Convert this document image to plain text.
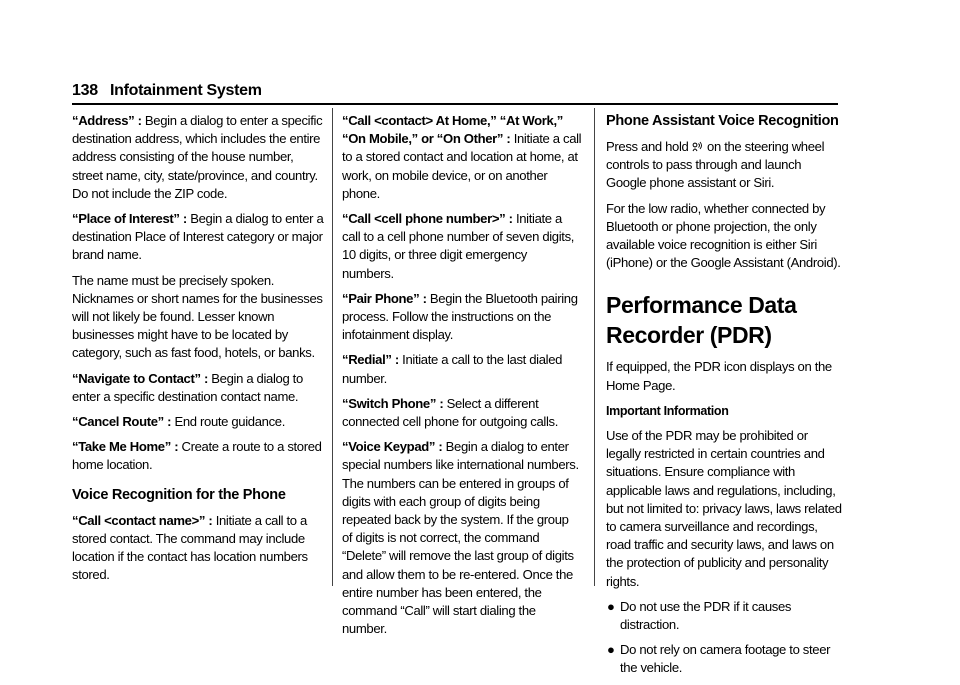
138 Infotainment System

“Address” : Begin a dialog to enter a specific destination address, which includes the entire address consisting of the house number, street name, city, state/province, and country. Do not include the ZIP code.

“Place of Interest” : Begin a dialog to enter a destination Place of Interest category or major brand name.

The name must be precisely spoken. Nicknames or short names for the businesses will not likely be found. Lesser known businesses might have to be located by category, such as fast food, hotels, or banks.

“Navigate to Contact” : Begin a dialog to enter a specific destination contact name.

“Cancel Route” : End route guidance.

“Take Me Home” : Create a route to a stored home location.

Voice Recognition for the Phone

“Call <contact name>” : Initiate a call to a stored contact. The command may include location if the contact has location numbers stored.

“Call <contact> At Home,” “At Work,” “On Mobile,” or “On Other” : Initiate a call to a stored contact and location at home, at work, on mobile device, or on another phone.

“Call <cell phone number>” : Initiate a call to a cell phone number of seven digits, 10 digits, or three digit emergency numbers.

“Pair Phone” : Begin the Bluetooth pairing process. Follow the instructions on the infotainment display.

“Redial” : Initiate a call to the last dialed number.

“Switch Phone” : Select a different connected cell phone for outgoing calls.

“Voice Keypad” : Begin a dialog to enter special numbers like international numbers. The numbers can be entered in groups of digits with each group of digits being repeated back by the system. If the group of digits is not correct, the command “Delete” will remove the last group of digits and allow them to be re-entered. Once the entire number has been entered, the command “Call” will start dialing the number.

Phone Assistant Voice Recognition

Press and hold  on the steering wheel controls to pass through and launch Google phone assistant or Siri.

For the low radio, whether connected by Bluetooth or phone projection, the only available voice recognition is either Siri (iPhone) or the Google Assistant (Android).

Performance Data
Recorder (PDR)

If equipped, the PDR icon displays on the Home Page.

Important Information

Use of the PDR may be prohibited or legally restricted in certain countries and situations. Ensure compliance with applicable laws and regulations, including, but not limited to: privacy laws, laws related to camera surveillance and recordings, road traffic and security laws, and laws on the protection of publicity and personality rights.

● Do not use the PDR if it causes distraction.
● Do not rely on camera footage to steer the vehicle.
